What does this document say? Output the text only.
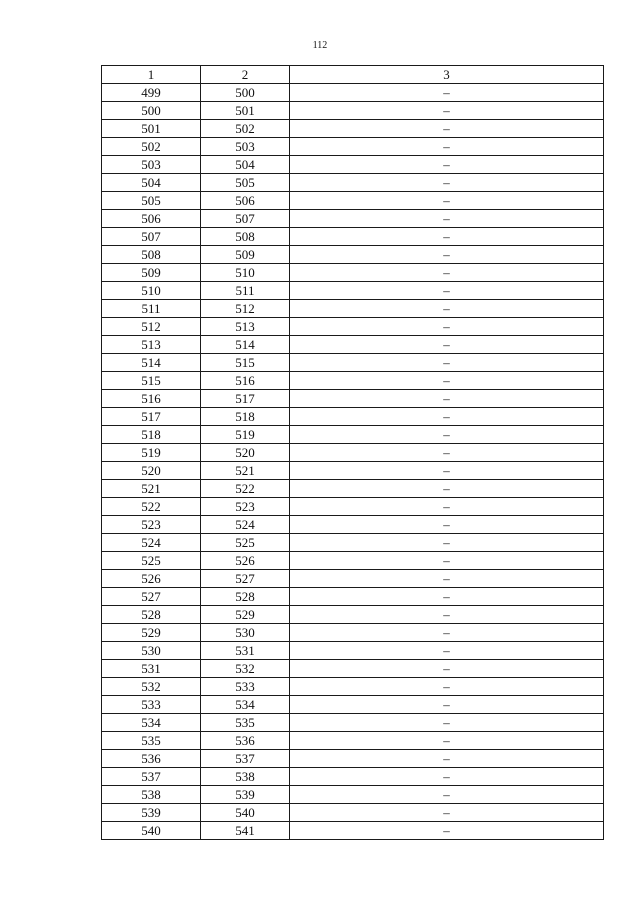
112
1	2	3
499	500	–
500	501	–
501	502	–
502	503	–
503	504	–
504	505	–
505	506	–
506	507	–
507	508	–
508	509	–
509	510	–
510	511	–
511	512	–
512	513	–
513	514	–
514	515	–
515	516	–
516	517	–
517	518	–
518	519	–
519	520	–
520	521	–
521	522	–
522	523	–
523	524	–
524	525	–
525	526	–
526	527	–
527	528	–
528	529	–
529	530	–
530	531	–
531	532	–
532	533	–
533	534	–
534	535	–
535	536	–
536	537	–
537	538	–
538	539	–
539	540	–
540	541	–
